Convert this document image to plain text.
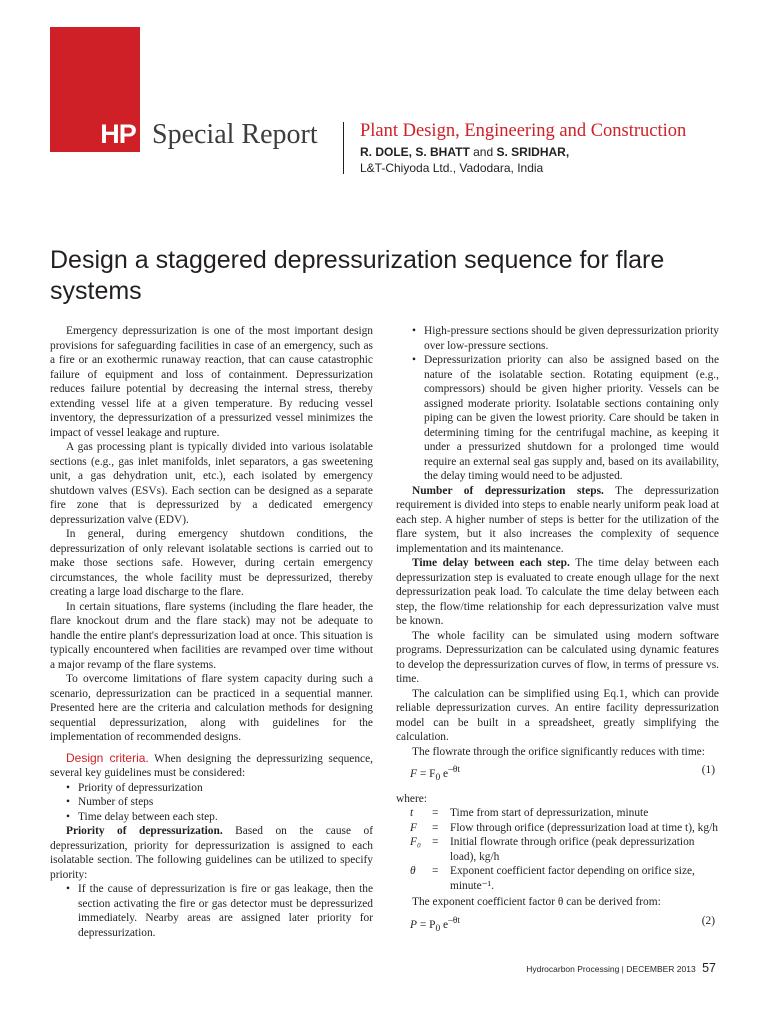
HP Special Report Plant Design, Engineering and Construction
R. DOLE, S. BHATT and S. SRIDHAR,
L&T-Chiyoda Ltd., Vadodara, India
Design a staggered depressurization sequence for flare systems

Emergency depressurization is one of the most important design provisions for safeguarding facilities in case of an emergency, such as a fire or an exothermic runaway reaction, that can cause catastrophic failure of equipment and loss of containment. Depressurization reduces failure potential by decreasing the internal stress, thereby extending vessel life at a given temperature. By reducing vessel inventory, the depressurization of a pressurized vessel minimizes the impact of vessel leakage and rupture.

A gas processing plant is typically divided into various isolatable sections (e.g., gas inlet manifolds, inlet separators, a gas sweetening unit, a gas dehydration unit, etc.), each isolated by emergency shutdown valves (ESVs). Each section can be designed as a separate fire zone that is depressurized by a dedicated emergency depressurization valve (EDV).

In general, during emergency shutdown conditions, the depressurization of only relevant isolatable sections is carried out to make those sections safe. However, during certain emergency circumstances, the whole facility must be depressurized, thereby creating a large load discharge to the flare.

In certain situations, flare systems (including the flare header, the flare knockout drum and the flare stack) may not be adequate to handle the entire plant's depressurization load at once. This situation is typically encountered when facilities are revamped over time without a major revamp of the flare systems.

To overcome limitations of flare system capacity during such a scenario, depressurization can be practiced in a sequential manner. Presented here are the criteria and calculation methods for designing sequential depressurization, along with guidelines for the implementation of recommended designs.

Design criteria. When designing the depressurizing sequence, several key guidelines must be considered:

• Priority of depressurization
• Number of steps
• Time delay between each step.

Priority of depressurization. Based on the cause of depressurization, priority for depressurization is assigned to each isolatable section. The following guidelines can be utilized to specify priority:

• If the cause of depressurization is fire or gas leakage, then the section activating the fire or gas detector must be depressurized immediately. Nearby areas are assigned later priority for depressurization.
• High-pressure sections should be given depressurization priority over low-pressure sections.
• Depressurization priority can also be assigned based on the nature of the isolatable section. Rotating equipment (e.g., compressors) should be given higher priority. Vessels can be assigned moderate priority. Isolatable sections containing only piping can be given the lowest priority. Care should be taken in determining timing for the centrifugal machine, as keeping it under a pressurized shutdown for a prolonged time would require an external seal gas supply and, based on its availability, the delay timing would need to be adjusted.

Number of depressurization steps. The depressurization requirement is divided into steps to enable nearly uniform peak load at each step. A higher number of steps is better for the utilization of the flare system, but it also increases the complexity of sequence implementation and its maintenance.

Time delay between each step. The time delay between each depressurization step is evaluated to create enough ullage for the next depressurization peak load. To calculate the time delay between each step, the flow/time relationship for each depressurization valve must be known.

The whole facility can be simulated using modern software programs. Depressurization can be calculated using dynamic features to develop the depressurization curves of flow, in terms of pressure vs. time.

The calculation can be simplified using Eq.1, which can provide reliable depressurization curves. An entire facility depressurization model can be built in a spreadsheet, greatly simplifying the calculation.

The flowrate through the orifice significantly reduces with time:

$F = F_0$ $e^{-\theta t}$	(1)

where:

t	=	Time from start of depressurization, minute
F	=	Flow through orifice (depressurization load at time t), kg/h
F₀ =	Initial flowrate through orifice (peak depressurization load), kg/h
θ	=	Exponent coefficient factor depending on orifice size, minute⁻¹.

The exponent coefficient factor θ can be derived from:

$P = P_0$ $e^{-\theta t}$	(2)
Hydrocarbon Processing | DECEMBER 2013 57
